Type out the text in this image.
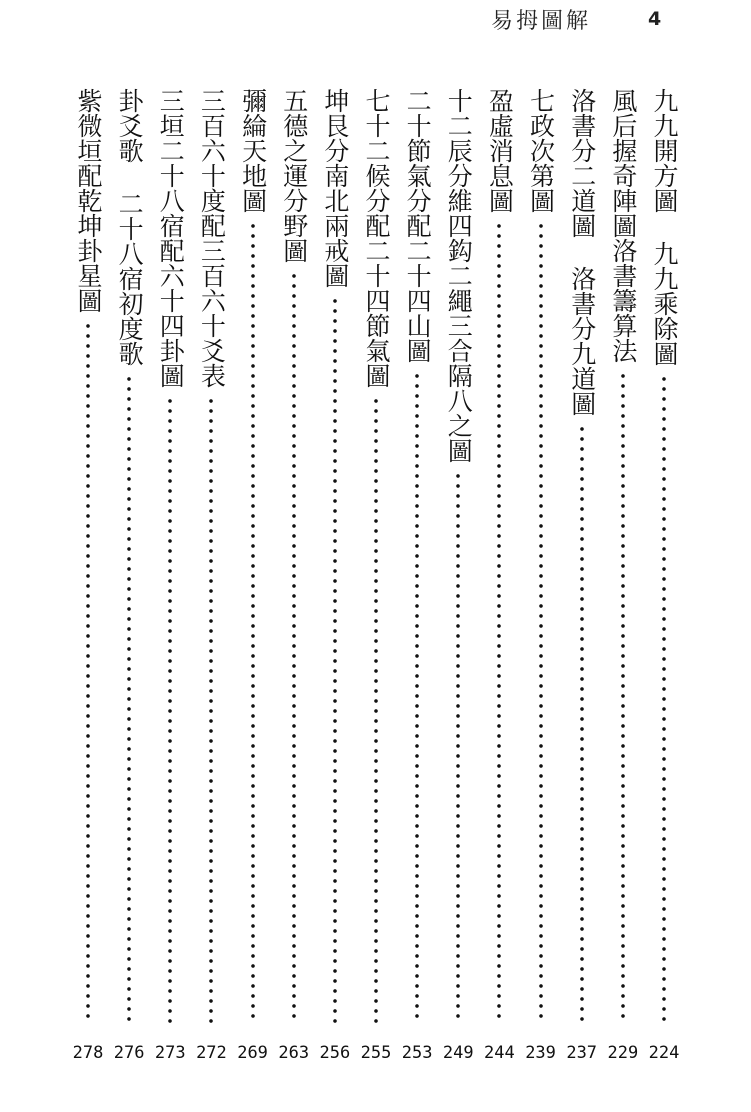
易拇圖解	4
九九開方圖
九九乘除圖
224
風后握奇陣圖洛書籌算法
229
洛書分二道圖
洛書分九道圖
237
七政次第圖
239
盈虛消息圖
244
十二辰分維四鈎二繩三合隔八之圖
249
二十節氣分配二十四山圖
253
七十二候分配二十四節氣圖
255
坤艮分南北兩戒圖
256
五德之運分野圖
263
彌綸天地圖
269
三百六十度配三百六十爻表
272
三垣二十八宿配六十四卦圖
273
卦爻歌
二十八宿初度歌
276
紫微垣配乾坤卦星圖
278
